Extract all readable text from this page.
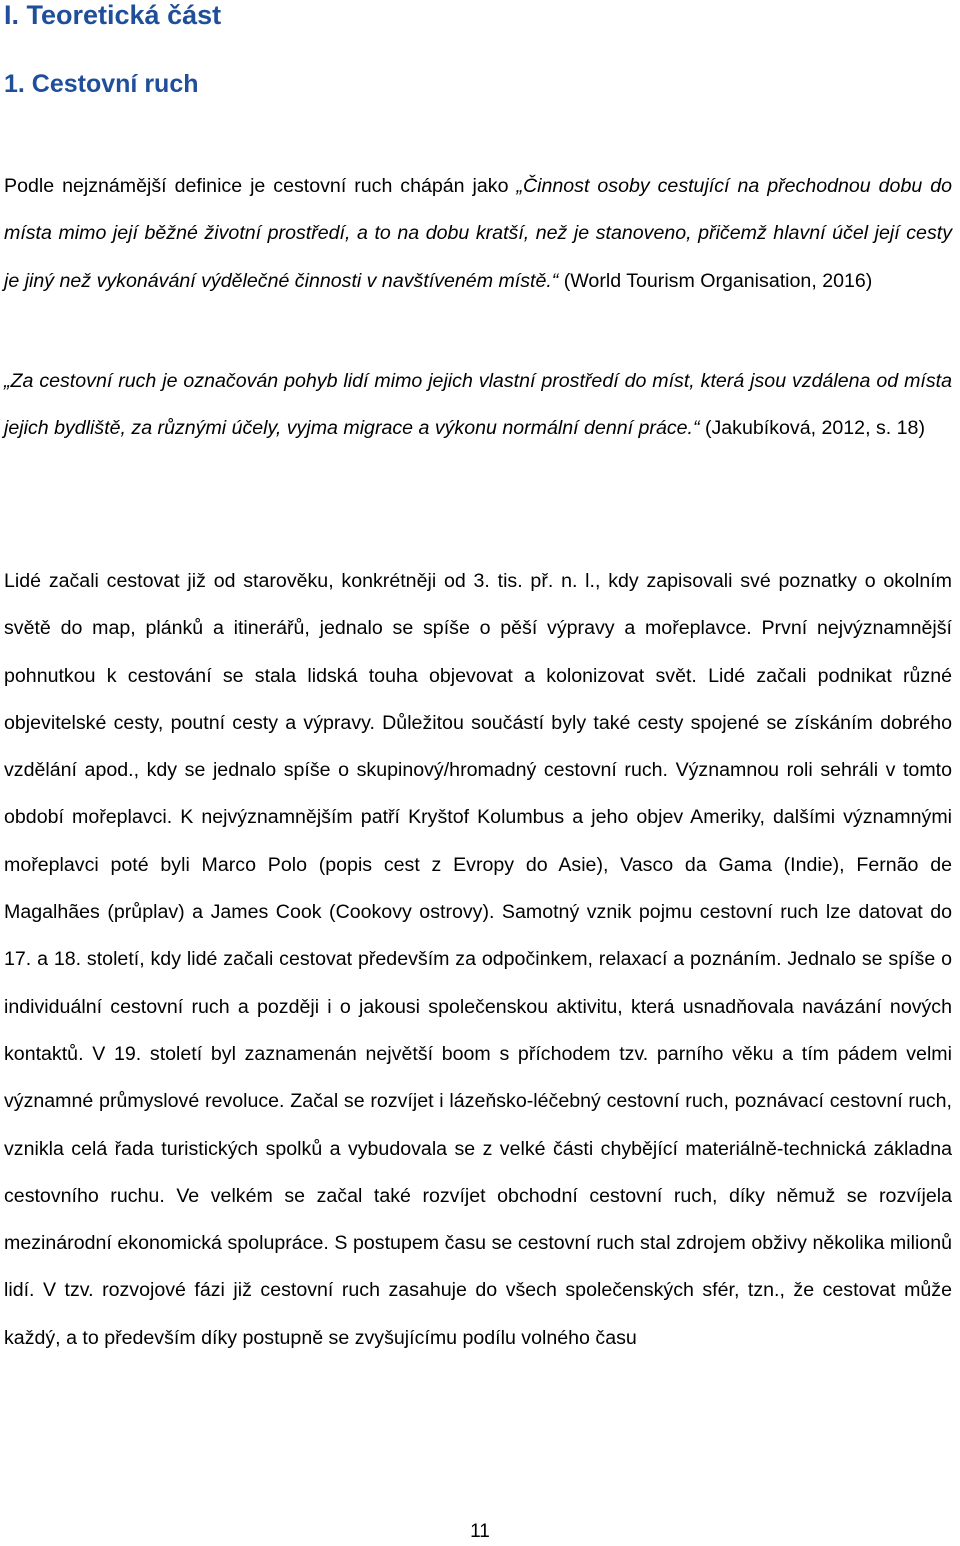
I. Teoretická část
1. Cestovní ruch

Podle nejznámější definice je cestovní ruch chápán jako „Činnost osoby cestující na přechodnou dobu do místa mimo její běžné životní prostředí, a to na dobu kratší, než je stanoveno, přičemž hlavní účel její cesty je jiný než vykonávání výdělečné činnosti v navštíveném místě.“ (World Tourism Organisation, 2016)

„Za cestovní ruch je označován pohyb lidí mimo jejich vlastní prostředí do míst, která jsou vzdálena od místa jejich bydliště, za různými účely, vyjma migrace a výkonu normální denní práce.“ (Jakubíková, 2012, s. 18)

Lidé začali cestovat již od starověku, konkrétněji od 3. tis. př. n. l., kdy zapisovali své poznatky o okolním světě do map, plánků a itinerářů, jednalo se spíše o pěší výpravy a mořeplavce. První nejvýznamnější pohnutkou k cestování se stala lidská touha objevovat a kolonizovat svět. Lidé začali podnikat různé objevitelské cesty, poutní cesty a výpravy. Důležitou součástí byly také cesty spojené se získáním dobrého vzdělání apod., kdy se jednalo spíše o skupinový/hromadný cestovní ruch. Významnou roli sehráli v tomto období mořeplavci. K nejvýznamnějším patří Kryštof Kolumbus a jeho objev Ameriky, dalšími významnými mořeplavci poté byli Marco Polo (popis cest z Evropy do Asie), Vasco da Gama (Indie), Fernão de Magalhães (průplav) a James Cook (Cookovy ostrovy). Samotný vznik pojmu cestovní ruch lze datovat do 17. a 18. století, kdy lidé začali cestovat především za odpočinkem, relaxací a poznáním. Jednalo se spíše o individuální cestovní ruch a později i o jakousi společenskou aktivitu, která usnadňovala navázání nových kontaktů. V 19. století byl zaznamenán největší boom s příchodem tzv. parního věku a tím pádem velmi významné průmyslové revoluce. Začal se rozvíjet i lázeňsko-léčebný cestovní ruch, poznávací cestovní ruch, vznikla celá řada turistických spolků a vybudovala se z velké části chybějící materiálně-technická základna cestovního ruchu. Ve velkém se začal také rozvíjet obchodní cestovní ruch, díky němuž se rozvíjela mezinárodní ekonomická spolupráce. S postupem času se cestovní ruch stal zdrojem obživy několika milionů lidí. V tzv. rozvojové fázi již cestovní ruch zasahuje do všech společenských sfér, tzn., že cestovat může každý, a to především díky postupně se zvyšujícímu podílu volného času

11
